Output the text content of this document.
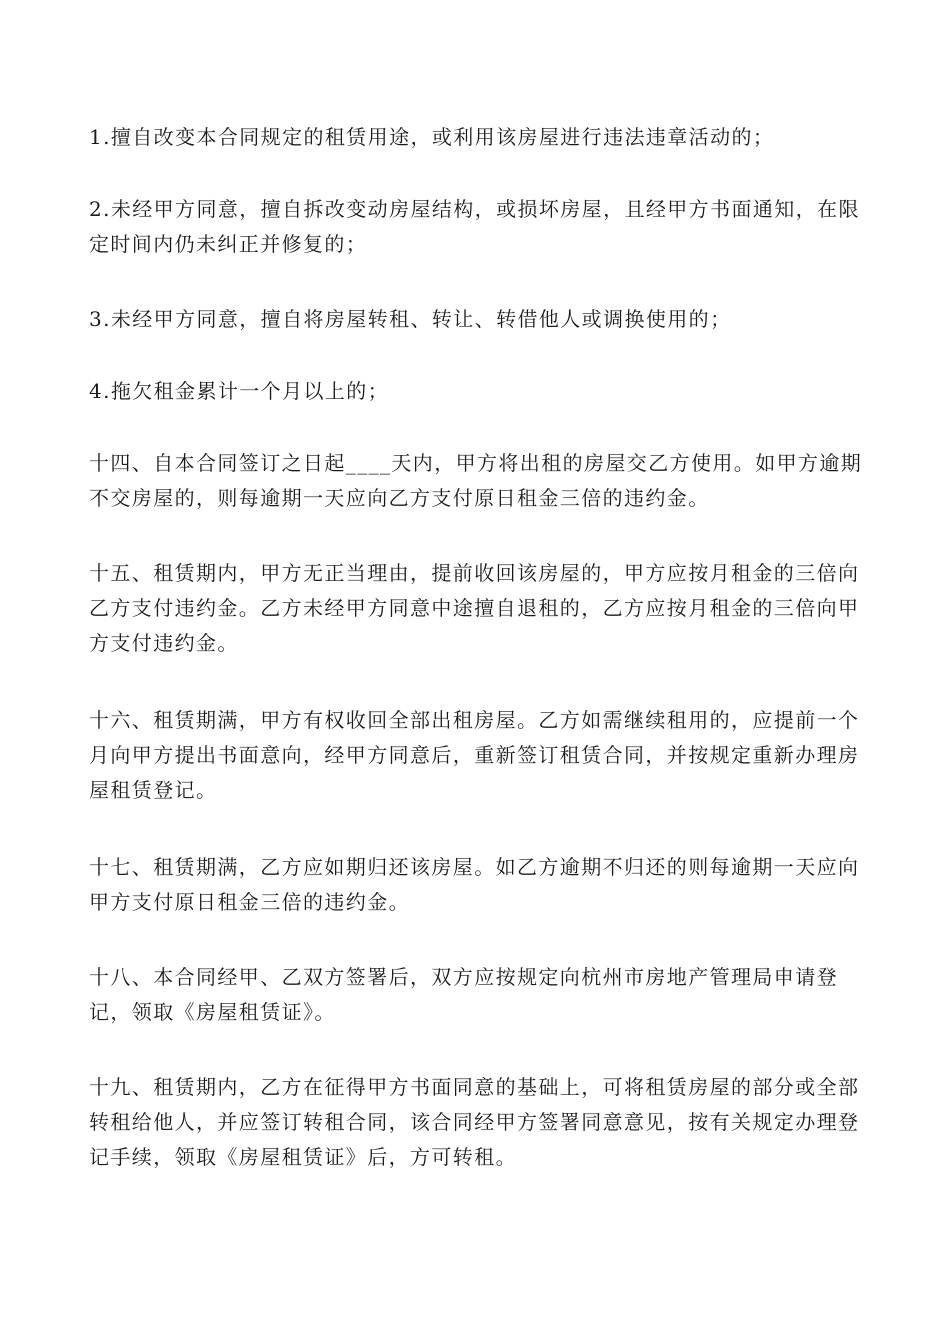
1.擅自改变本合同规定的租赁用途，或利用该房屋进行违法违章活动的；

2.未经甲方同意，擅自拆改变动房屋结构，或损坏房屋，且经甲方书面通知，在限定时间内仍未纠正并修复的；

3.未经甲方同意，擅自将房屋转租、转让、转借他人或调换使用的；

4.拖欠租金累计一个月以上的；

十四、自本合同签订之日起____天内，甲方将出租的房屋交乙方使用。如甲方逾期不交房屋的，则每逾期一天应向乙方支付原日租金三倍的违约金。

十五、租赁期内，甲方无正当理由，提前收回该房屋的，甲方应按月租金的三倍向乙方支付违约金。乙方未经甲方同意中途擅自退租的，乙方应按月租金的三倍向甲方支付违约金。

十六、租赁期满，甲方有权收回全部出租房屋。乙方如需继续租用的，应提前一个月向甲方提出书面意向，经甲方同意后，重新签订租赁合同，并按规定重新办理房屋租赁登记。

十七、租赁期满，乙方应如期归还该房屋。如乙方逾期不归还的则每逾期一天应向甲方支付原日租金三倍的违约金。

十八、本合同经甲、乙双方签署后，双方应按规定向杭州市房地产管理局申请登记，领取《房屋租赁证》。

十九、租赁期内，乙方在征得甲方书面同意的基础上，可将租赁房屋的部分或全部转租给他人，并应签订转租合同，该合同经甲方签署同意意见，按有关规定办理登记手续，领取《房屋租赁证》后，方可转租。
